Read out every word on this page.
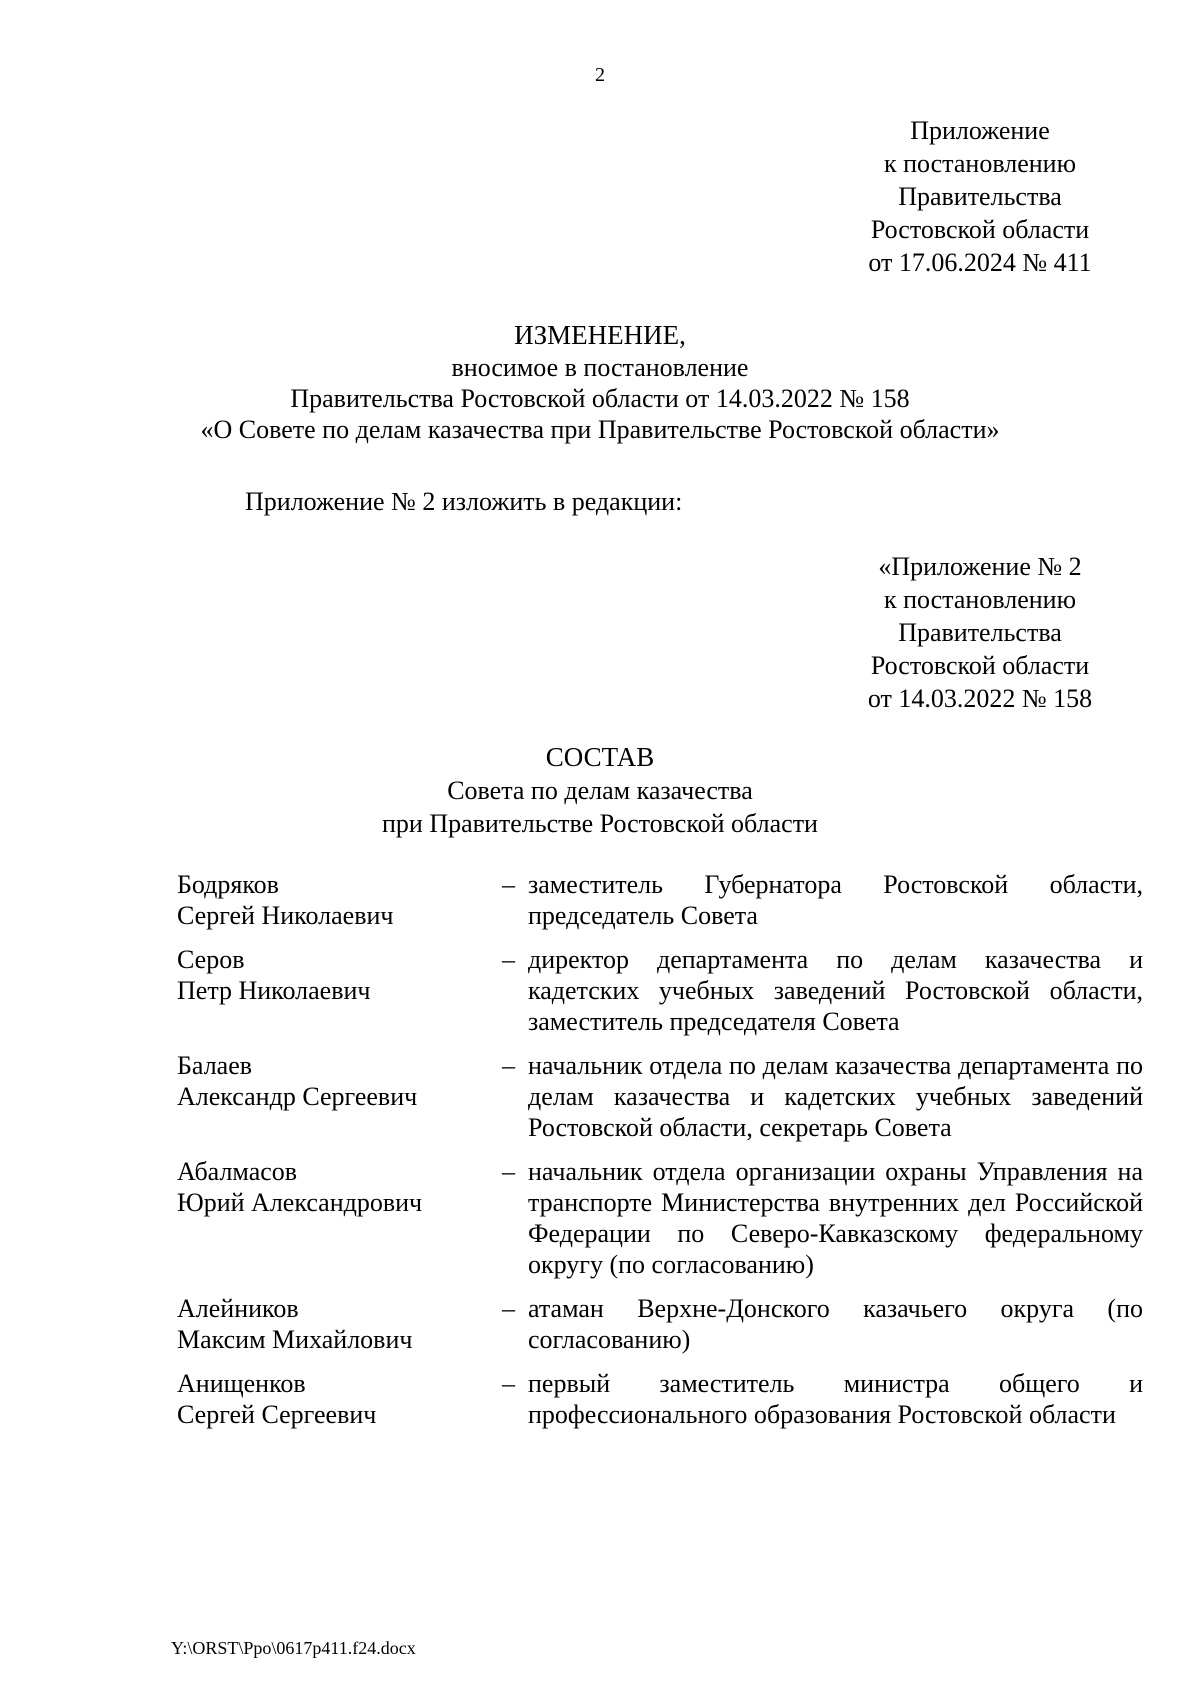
2
Приложение
к постановлению
Правительства
Ростовской области
от 17.06.2024 № 411
ИЗМЕНЕНИЕ,
вносимое в постановление
Правительства Ростовской области от 14.03.2022 № 158
«О Совете по делам казачества при Правительстве Ростовской области»
Приложение № 2 изложить в редакции:
«Приложение № 2
к постановлению
Правительства
Ростовской области
от 14.03.2022 № 158
СОСТАВ
Совета по делам казачества
при Правительстве Ростовской области
Бодряков
Сергей Николаевич
– заместитель Губернатора Ростовской области, председатель Совета
Серов
Петр Николаевич
– директор департамента по делам казачества и кадетских учебных заведений Ростовской области, заместитель председателя Совета
Балаев
Александр Сергеевич
– начальник отдела по делам казачества департамента по делам казачества и кадетских учебных заведений Ростовской области, секретарь Совета
Абалмасов
Юрий Александрович
– начальник отдела организации охраны Управления на транспорте Министерства внутренних дел Российской Федерации по Северо-Кавказскому федеральному округу (по согласованию)
Алейников
Максим Михайлович
– атаман Верхне-Донского казачьего округа (по согласованию)
Анищенков
Сергей Сергеевич
– первый заместитель министра общего и профессионального образования Ростовской области
Y:\ORST\Ppo\0617p411.f24.docx
